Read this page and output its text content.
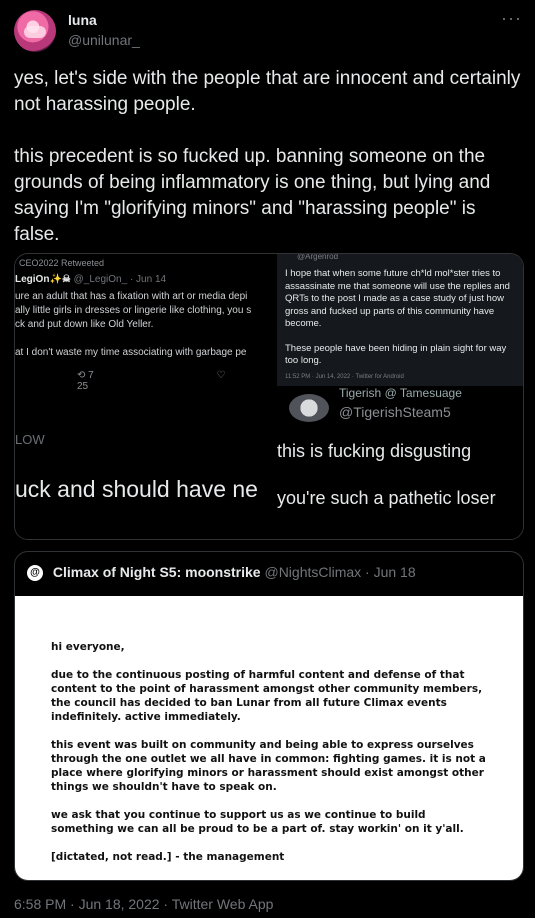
luna
@unilunar_
···

yes, let's side with the people that are innocent and certainly not harassing people.

this precedent is so fucked up. banning someone on the grounds of being inflammatory is one thing, but lying and saying I'm "glorifying minors" and "harassing people" is false.

CEO2022 Retweeted
LegiOn✨☠ @_LegiOn_ · Jun 14
ure an adult that has a fixation with art or media depi
ally little girls in dresses or lingerie like clothing, you s
ck and put down like Old Yeller.

at I don't waste my time associating with garbage pe
⟲ 7	♡ 25
LOW
uck and should have ne
@Argenrod

I hope that when some future ch*ld mol*ster tries to assassinate me that someone will use the replies and QRTs to the post I made as a case study of just how gross and fucked up parts of this community have become.

These people have been hiding in plain sight for way too long.

11:52 PM · Jun 14, 2022 · Twitter for Android
Tigerish @ Tamesuage
@TigerishSteam5
this is fucking disgusting
you're such a pathetic loser
@ Climax of Night S5: moonstrike @NightsClimax · Jun 18

hi everyone,

due to the continuous posting of harmful content and defense of that content to the point of harassment amongst other community members, the council has decided to ban Lunar from all future Climax events indefinitely. active immediately.

this event was built on community and being able to express ourselves through the one outlet we all have in common: fighting games. it is not a place where glorifying minors or harassment should exist amongst other things we shouldn't have to speak on.

we ask that you continue to support us as we continue to build something we can all be proud to be a part of. stay workin' on it y'all.

[dictated, not read.] - the management

6:58 PM · Jun 18, 2022 · Twitter Web App
